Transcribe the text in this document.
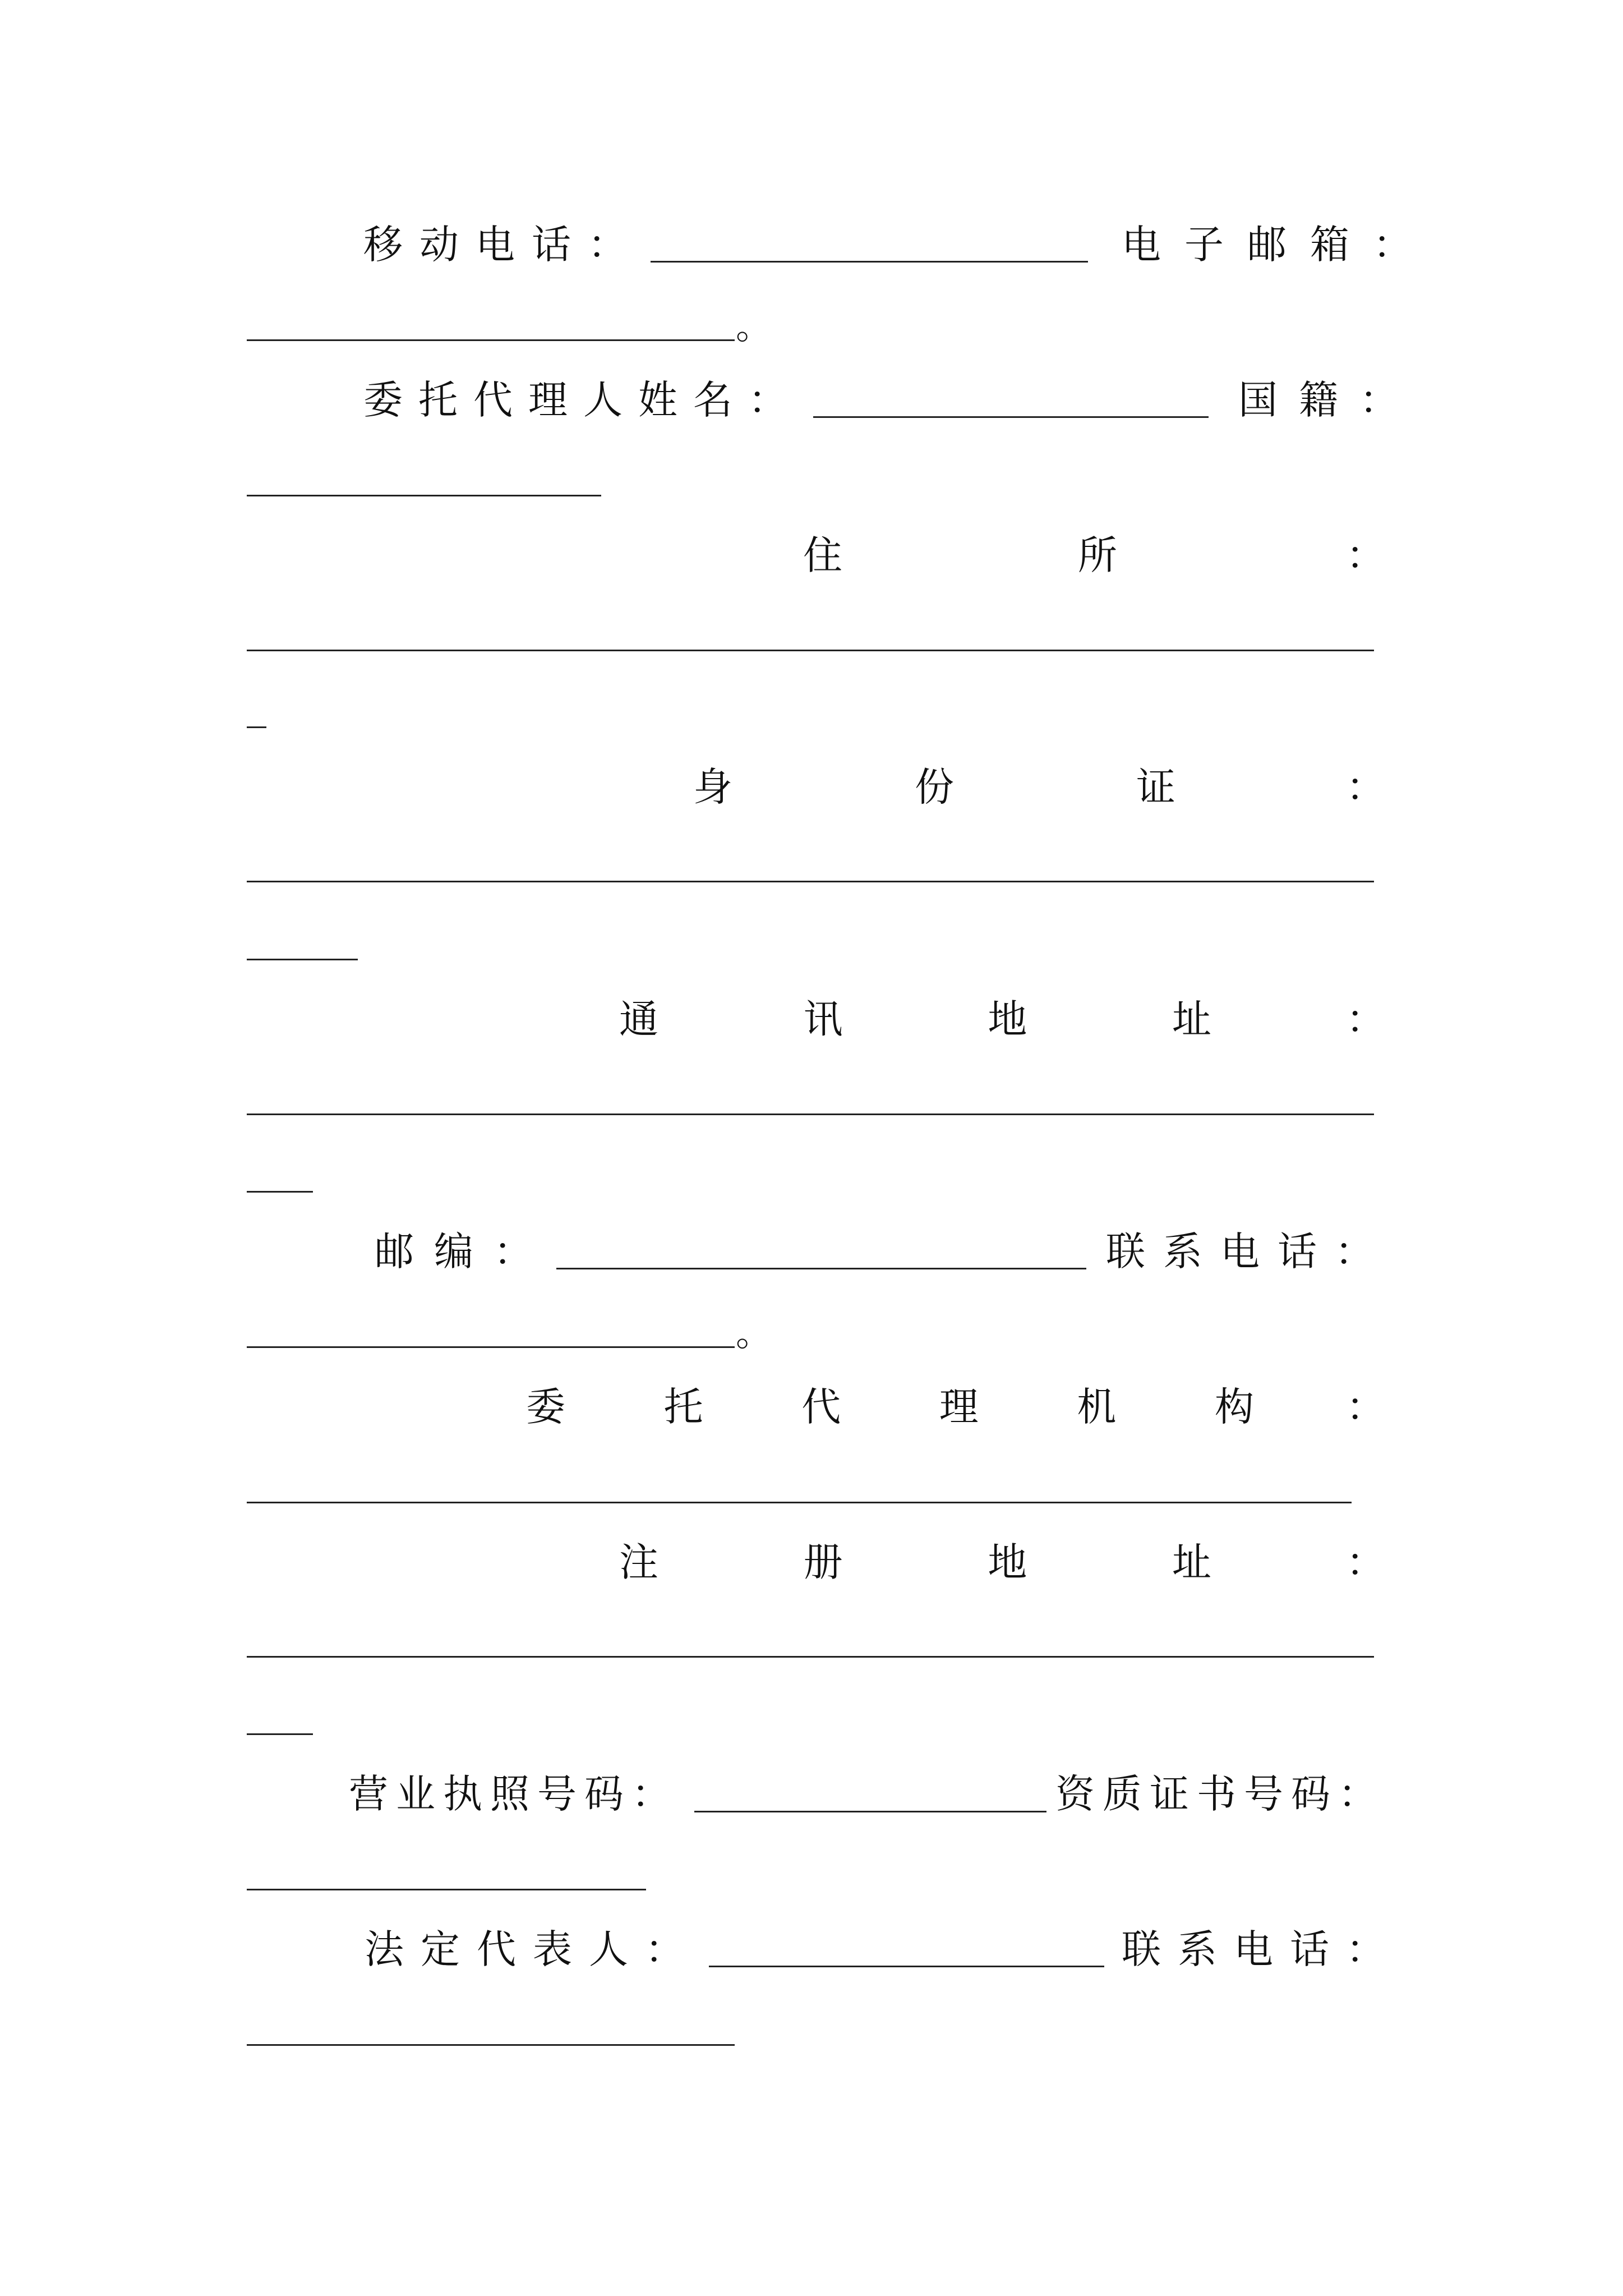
移动电话：	电子邮箱：
。
委托代理人姓名：	国籍：
住	所	：
身	份	证	：
通	讯	地	址	：
邮编：	联系电话：
。
委	托	代	理	机	构 ：
注	册	地	址	：
营业执照号码：	资质证书号码：
法定代表人：	联系电话：
